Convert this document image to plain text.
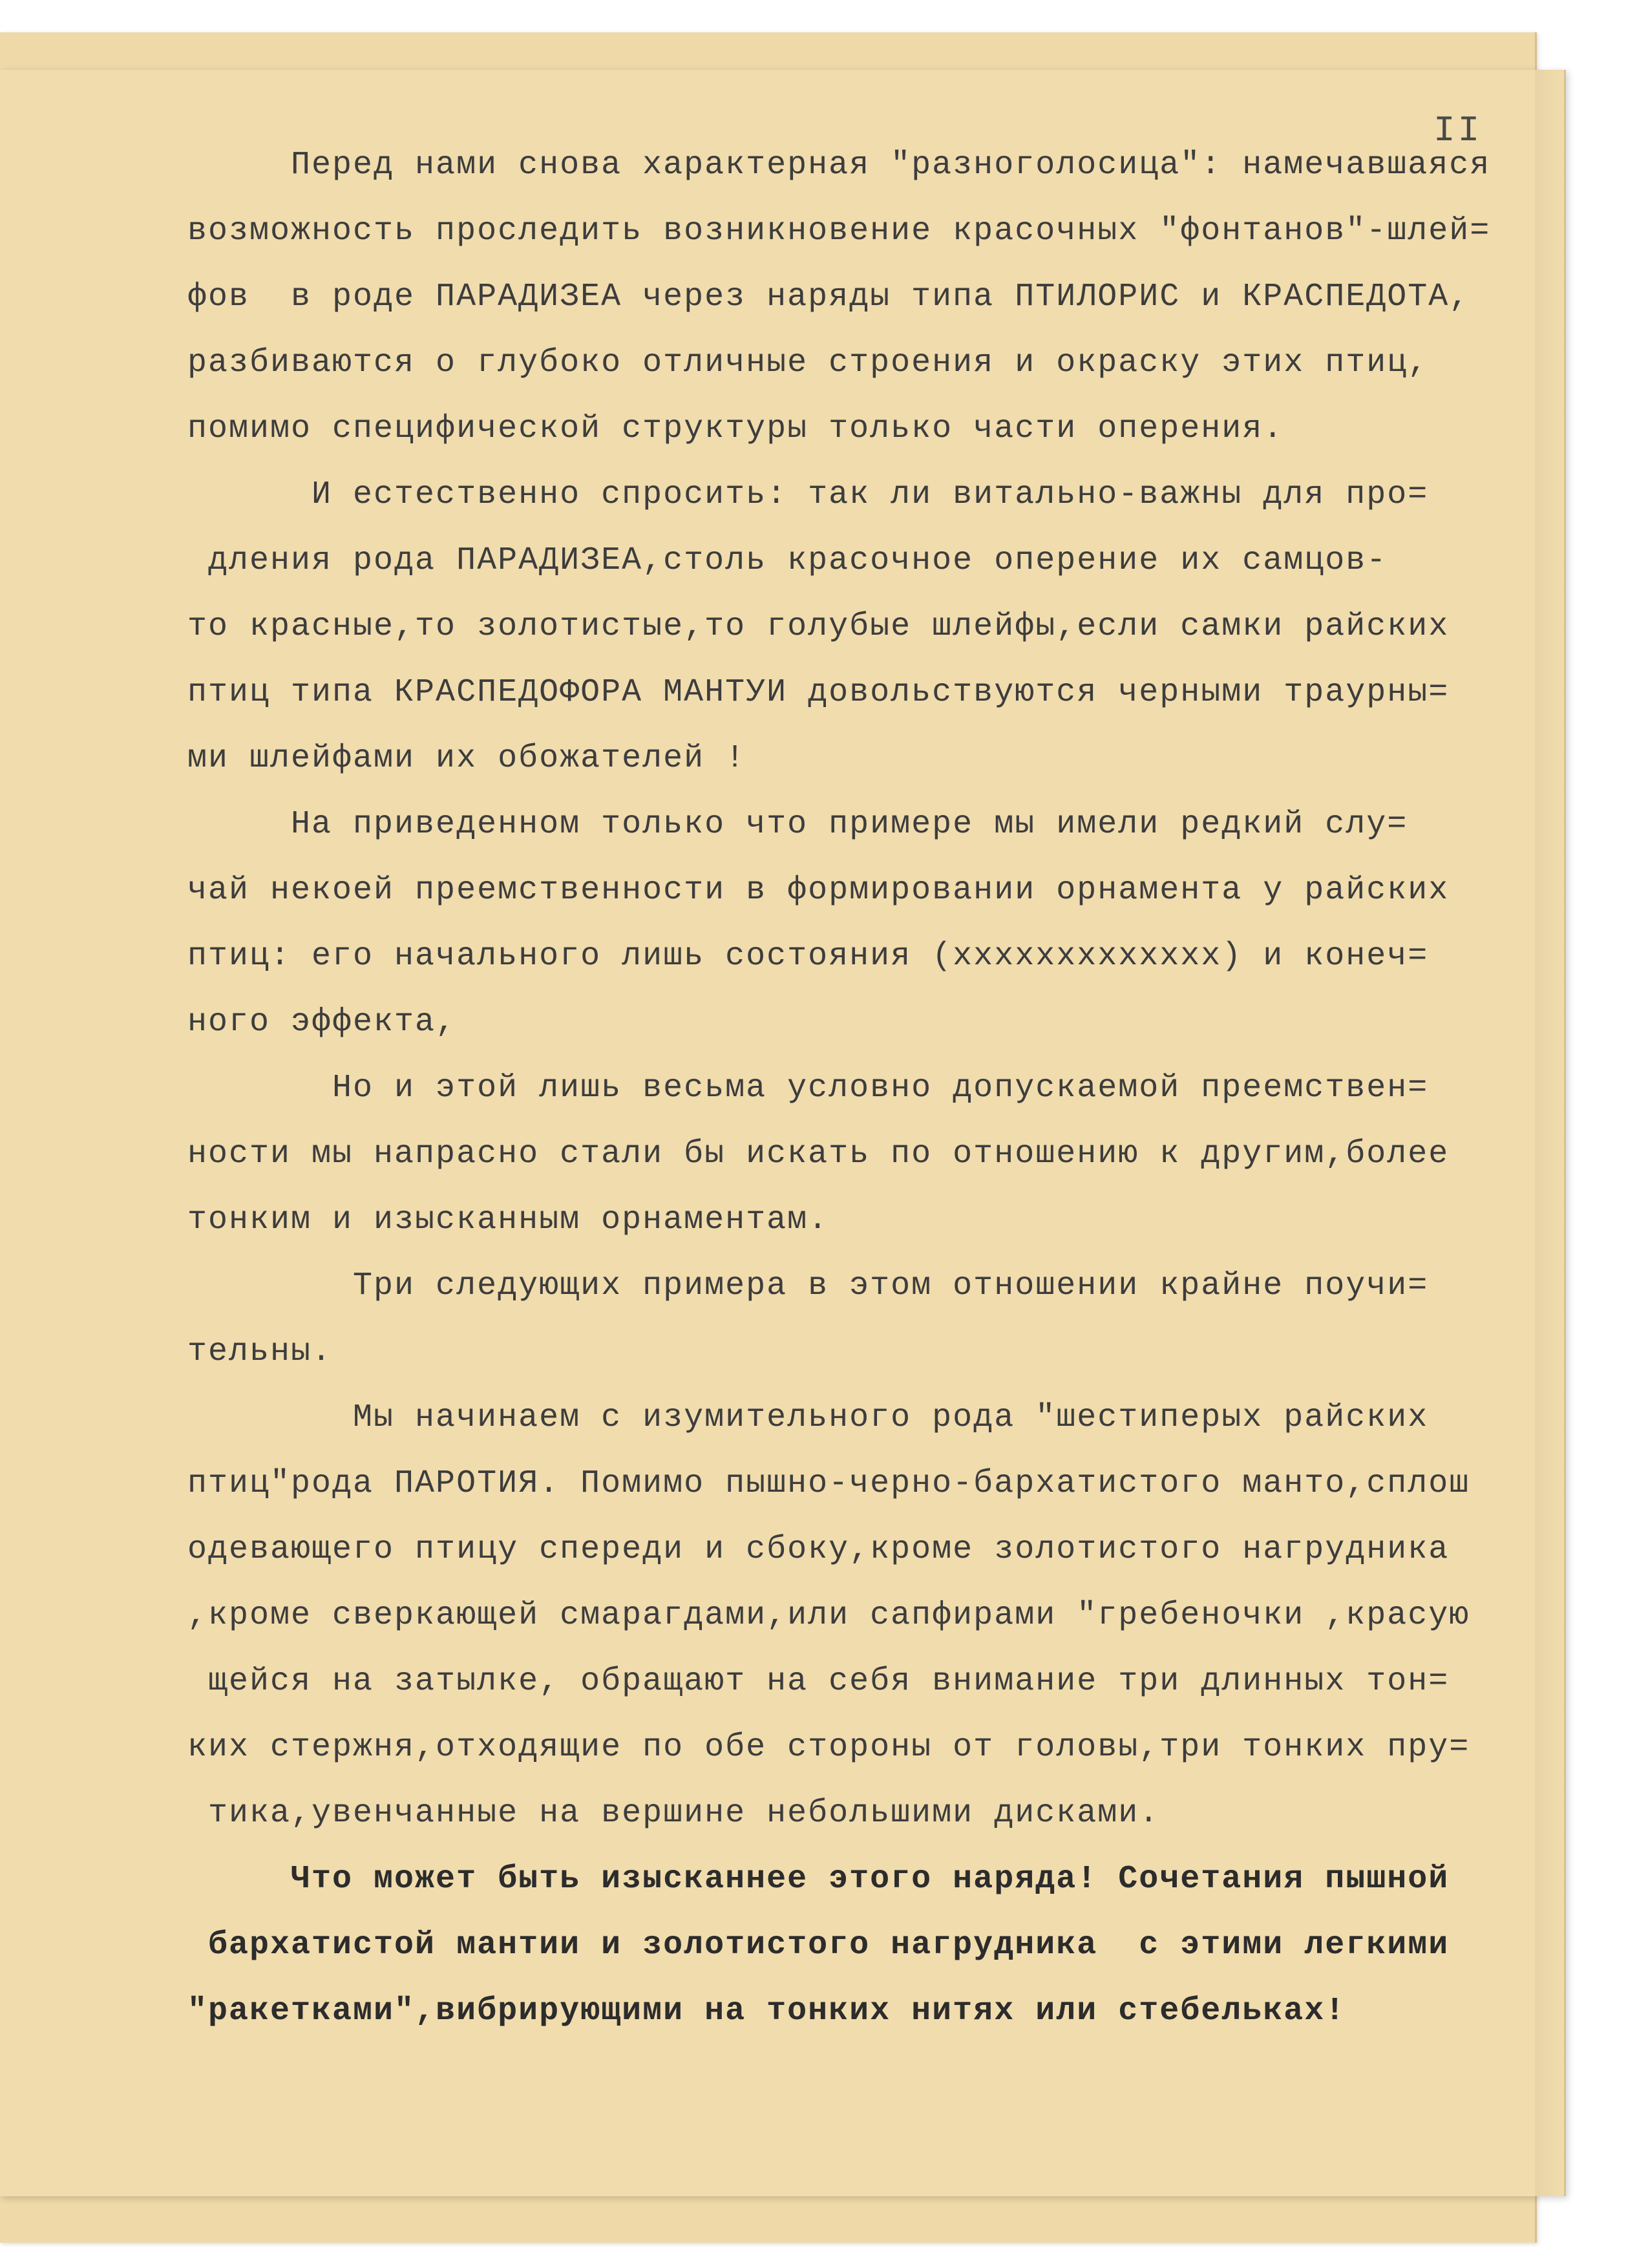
II
Перед нами снова характерная "разноголосица": намечавшаяся
возможность проследить возникновение красочных "фонтанов"-шлей=
фов  в роде ПАРАДИЗЕА через наряды типа ПТИЛОРИС и КРАСПЕДОТА,
разбиваются о глубоко отличные строения и окраску этих птиц,
помимо специфической структуры только части оперения.
И естественно спросить: так ли витально-важны для про=
дления рода ПАРАДИЗЕА,столь красочное оперение их самцов-
то красные,то золотистые,то голубые шлейфы,если самки райских
птиц типа КРАСПЕДОФОРА МАНТУИ довольствуются черными траурны=
ми шлейфами их обожателей !
На приведенном только что примере мы имели редкий слу=
чай некоей преемственности в формировании орнамента у райских
птиц: его начального лишь состояния (ххххххххххххх) и конеч=
ного эффекта,
Но и этой лишь весьма условно допускаемой преемствен=
ности мы напрасно стали бы искать по отношению к другим,более
тонким и изысканным орнаментам.
Три следующих примера в этом отношении крайне поучи=
тельны.
Мы начинаем с изумительного рода "шестиперых райских
птиц"рода ПАРОТИЯ. Помимо пышно-черно-бархатистого манто,сплош
одевающего птицу спереди и сбоку,кроме золотистого нагрудника
,кроме сверкающей смарагдами,или сапфирами "гребеночки ,красую
щейся на затылке, обращают на себя внимание три длинных тон=
ких стержня,отходящие по обе стороны от головы,три тонких пру=
тика,увенчанные на вершине небольшими дисками.
Что может быть изысканнее этого наряда! Сочетания пышной
бархатистой мантии и золотистого нагрудника  с этими легкими
"ракетками",вибрирующими на тонких нитях или стебельках!
